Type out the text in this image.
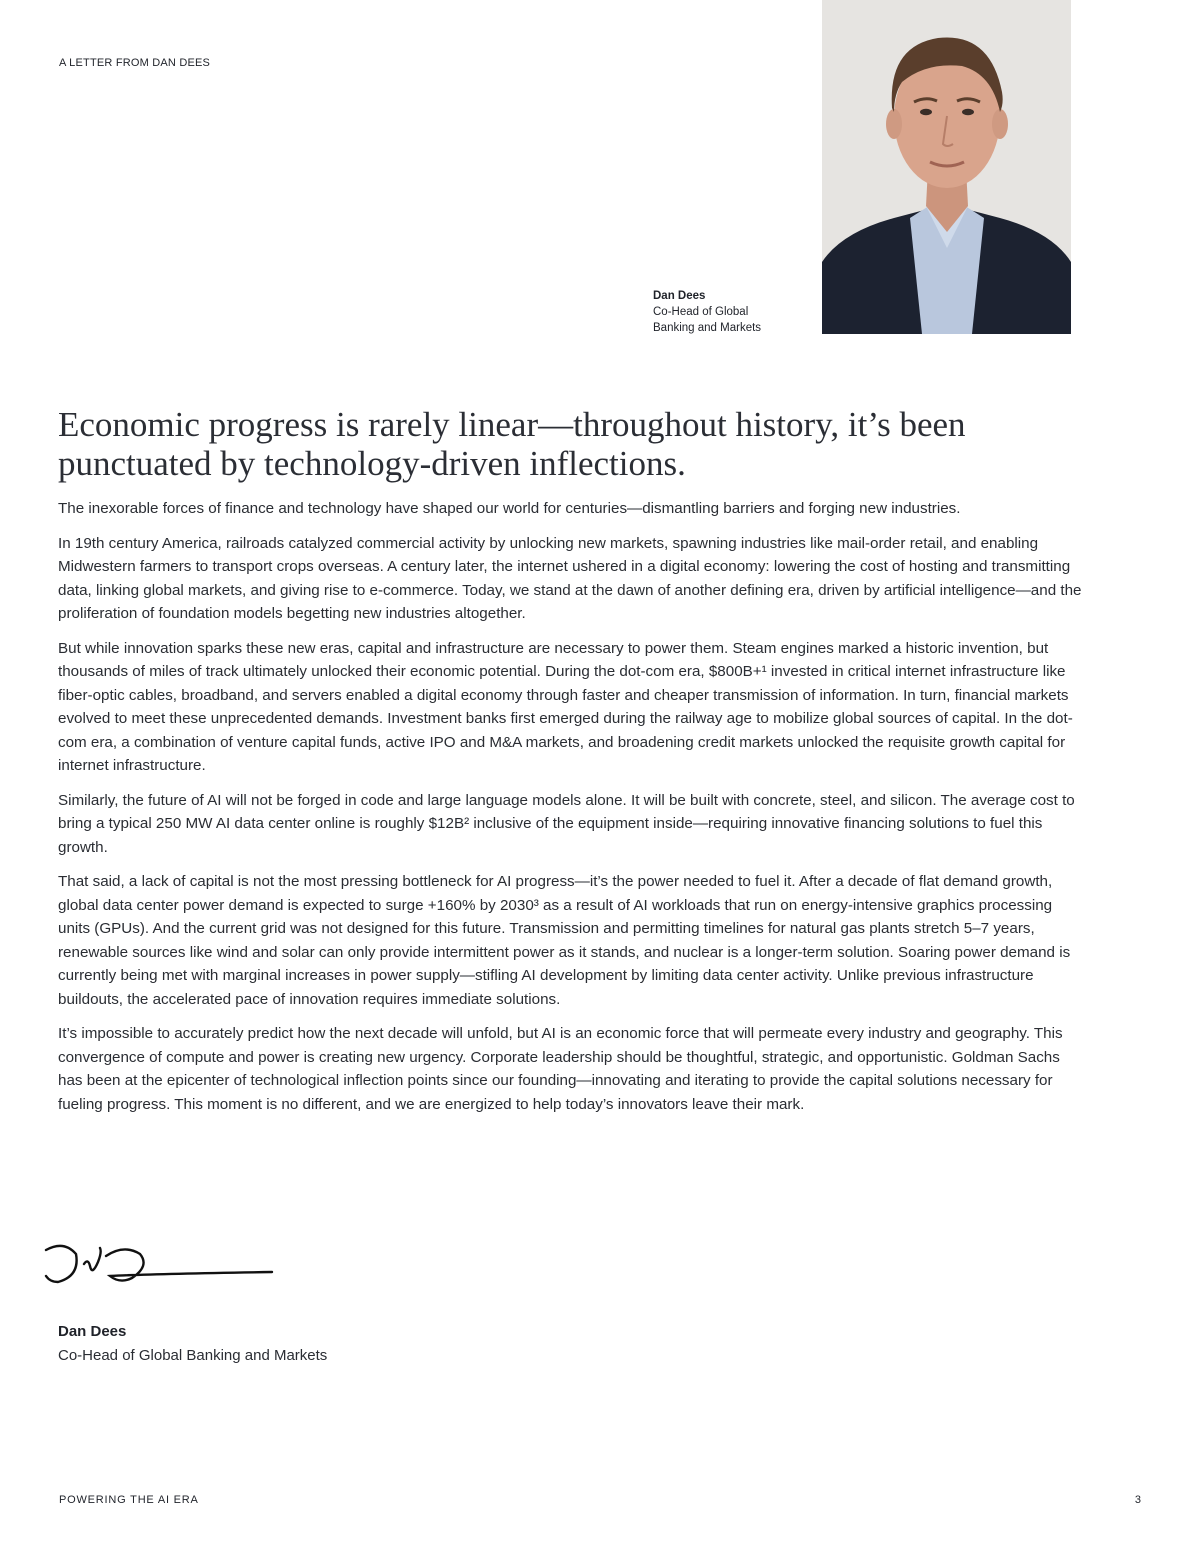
A LETTER FROM DAN DEES
Dan Dees
Co-Head of Global
Banking and Markets
Economic progress is rarely linear—throughout history, it’s been punctuated by technology-driven inflections.

The inexorable forces of finance and technology have shaped our world for centuries—dismantling barriers and forging new industries.

In 19th century America, railroads catalyzed commercial activity by unlocking new markets, spawning industries like mail-order retail, and enabling Midwestern farmers to transport crops overseas. A century later, the internet ushered in a digital economy: lowering the cost of hosting and transmitting data, linking global markets, and giving rise to e-commerce. Today, we stand at the dawn of another defining era, driven by artificial intelligence—and the proliferation of foundation models begetting new industries altogether.

But while innovation sparks these new eras, capital and infrastructure are necessary to power them. Steam engines marked a historic invention, but thousands of miles of track ultimately unlocked their economic potential. During the dot-com era, $800B+¹ invested in critical internet infrastructure like fiber-optic cables, broadband, and servers enabled a digital economy through faster and cheaper transmission of information. In turn, financial markets evolved to meet these unprecedented demands. Investment banks first emerged during the railway age to mobilize global sources of capital. In the dot-com era, a combination of venture capital funds, active IPO and M&A markets, and broadening credit markets unlocked the requisite growth capital for internet infrastructure.

Similarly, the future of AI will not be forged in code and large language models alone. It will be built with concrete, steel, and silicon. The average cost to bring a typical 250 MW AI data center online is roughly $12B² inclusive of the equipment inside—requiring innovative financing solutions to fuel this growth.

That said, a lack of capital is not the most pressing bottleneck for AI progress—it’s the power needed to fuel it. After a decade of flat demand growth, global data center power demand is expected to surge +160% by 2030³ as a result of AI workloads that run on energy-intensive graphics processing units (GPUs). And the current grid was not designed for this future. Transmission and permitting timelines for natural gas plants stretch 5–7 years, renewable sources like wind and solar can only provide intermittent power as it stands, and nuclear is a longer-term solution. Soaring power demand is currently being met with marginal increases in power supply—stifling AI development by limiting data center activity. Unlike previous infrastructure buildouts, the accelerated pace of innovation requires immediate solutions.

It’s impossible to accurately predict how the next decade will unfold, but AI is an economic force that will permeate every industry and geography. This convergence of compute and power is creating new urgency. Corporate leadership should be thoughtful, strategic, and opportunistic. Goldman Sachs has been at the epicenter of technological inflection points since our founding—innovating and iterating to provide the capital solutions necessary for fueling progress. This moment is no different, and we are energized to help today’s innovators leave their mark.

Dan Dees
Co-Head of Global Banking and Markets
POWERING THE AI ERA	3
